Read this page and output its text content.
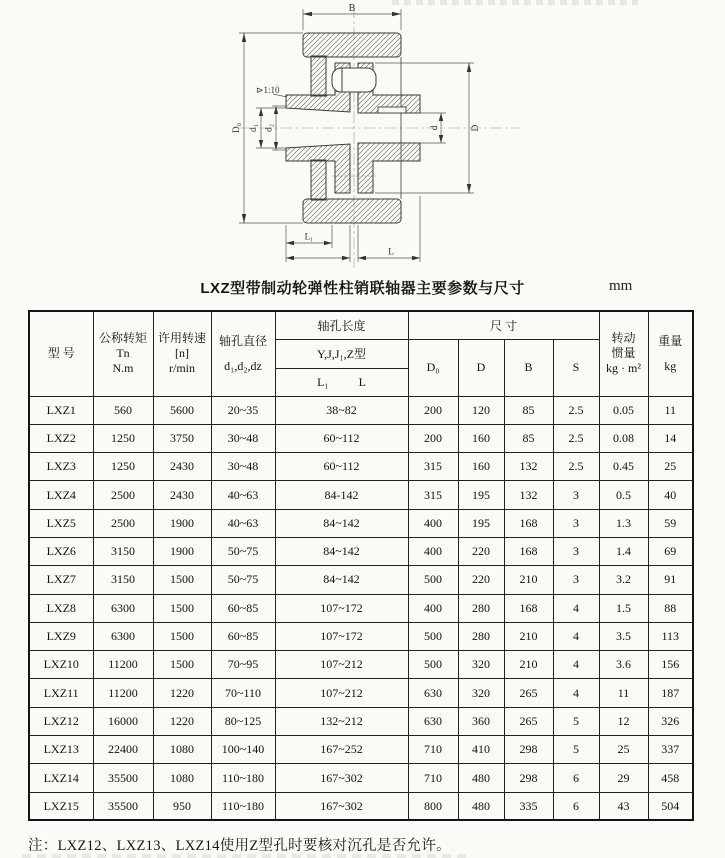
B
⊳1:10
D₀ d₁ d₂	d	D
L₁
L
LXZ型带制动轮弹性柱销联轴器主要参数与尺寸	mm
型 号	公称转矩Tn
N.m	许用转速
[n]
r/min	轴孔直径
d₁,d₂,dz	轴孔长度	尺 寸				转动
惯量
kg · m²	重量
kg

				Y,J,J₁,Z型	D₀	D	B	S		

				L₁ L						

LXZ1	560	5600	20~35	38~82	200	120	85	2.5	0.05	11
LXZ2	1250	3750	30~48	60~112	200	160	85	2.5	0.08	14
LXZ3	1250	2430	30~48	60~112	315	160	132	2.5	0.45	25
LXZ4	2500	2430	40~63	84-142	315	195	132	3	0.5	40
LXZ5	2500	1900	40~63	84~142	400	195	168	3	1.3	59
LXZ6	3150	1900	50~75	84~142	400	220	168	3	1.4	69
LXZ7	3150	1500	50~75	84~142	500	220	210	3	3.2	91
LXZ8	6300	1500	60~85	107~172	400	280	168	4	1.5	88
LXZ9	6300	1500	60~85	107~172	500	280	210	4	3.5	113
LXZ10	11200	1500	70~95	107~212	500	320	210	4	3.6	156
LXZ11	11200	1220	70~110	107~212	630	320	265	4	11	187
LXZ12	16000	1220	80~125	132~212	630	360	265	5	12	326
LXZ13	22400	1080	100~140	167~252	710	410	298	5	25	337
LXZ14	35500	1080	110~180	167~302	710	480	298	6	29	458
LXZ15	35500	950	110~180	167~302	800	480	335	6	43	504
注：LXZ12、LXZ13、LXZ14使用Z型孔时要核对沉孔是否允许。
